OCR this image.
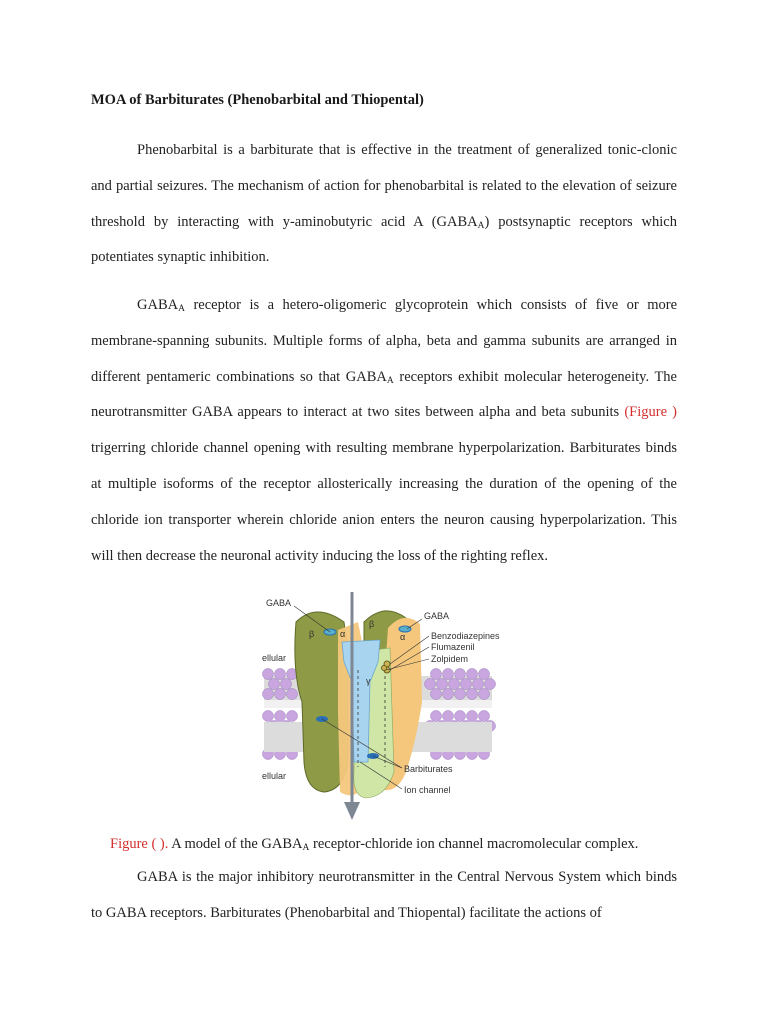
MOA of Barbiturates (Phenobarbital and Thiopental)

Phenobarbital is a barbiturate that is effective in the treatment of generalized tonic-clonic and partial seizures. The mechanism of action for phenobarbital is related to the elevation of seizure threshold by interacting with y-aminobutyric acid A $(GABA_A)$ postsynaptic receptors which potentiates synaptic inhibition.

$GABA_A$ receptor is a hetero-oligomeric glycoprotein which consists of five or more membrane-spanning subunits. Multiple forms of alpha, beta and gamma subunits are arranged in different pentameric combinations so that $GABA_A$ receptors exhibit molecular heterogeneity. The neurotransmitter GABA appears to interact at two sites between alpha and beta subunits (Figure ) trigerring chloride channel opening with resulting membrane hyperpolarization. Barbiturates binds at multiple isoforms of the receptor allosterically increasing the duration of the opening of the chloride ion transporter wherein chloride anion enters the neuron causing hyperpolarization. This will then decrease the neuronal activity inducing the loss of the righting reflex.

β	α
β
α
γ
GABA
GABA
Benzodiazepines
Flumazenil
Zolpidem
ellular
ellular
Barbiturates
Ion channel
Figure ( ). A model of the $GABA_A$ receptor-chloride ion channel macromolecular complex.

GABA is the major inhibitory neurotransmitter in the Central Nervous System which binds to GABA receptors. Barbiturates (Phenobarbital and Thiopental) facilitate the actions of
